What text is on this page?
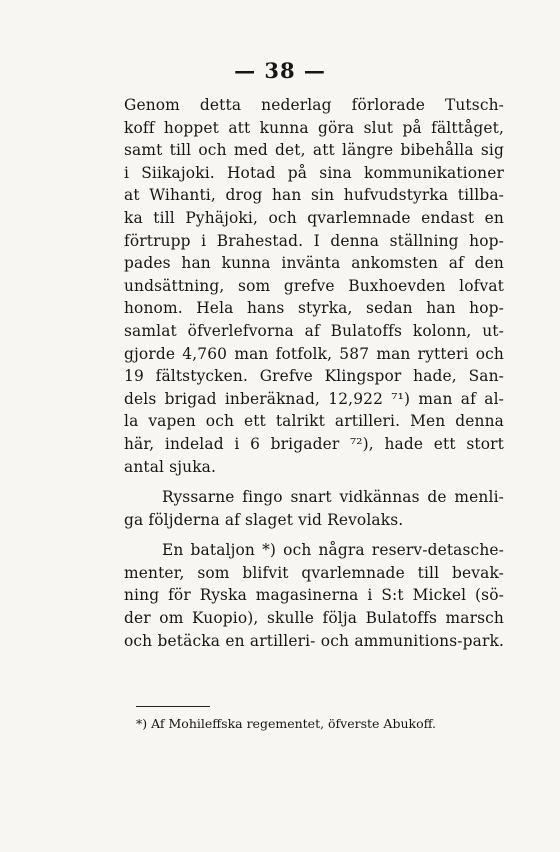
— 38 —
Genom detta nederlag förlorade Tutsch-
koff hoppet att kunna göra slut på fälttåget,
samt till och med det, att längre bibehålla sig
i Siikajoki. Hotad på sina kommunikationer
at Wihanti, drog han sin hufvudstyrka tillba-
ka till Pyhäjoki, och qvarlemnade endast en
förtrupp i Brahestad. I denna ställning hop-
pades han kunna invänta ankomsten af den
undsättning, som grefve Buxhoevden lofvat
honom. Hela hans styrka, sedan han hop-
samlat öfverlefvorna af Bulatoffs kolonn, ut-
gjorde 4,760 man fotfolk, 587 man rytteri och
19 fältstycken. Grefve Klingspor hade, San-
dels brigad inberäknad, 12,922 ⁷¹) man af al-
la vapen och ett talrikt artilleri. Men denna
här, indelad i 6 brigader ⁷²), hade ett stort
antal sjuka.
Ryssarne fingo snart vidkännas de menli-
ga följderna af slaget vid Revolaks.
En bataljon *) och några reserv-detasche-
menter, som blifvit qvarlemnade till bevak-
ning för Ryska magasinerna i S:t Mickel (sö-
der om Kuopio), skulle följa Bulatoffs marsch
och betäcka en artilleri- och ammunitions-park.
*) Af Mohileffska regementet, öfverste Abukoff.
